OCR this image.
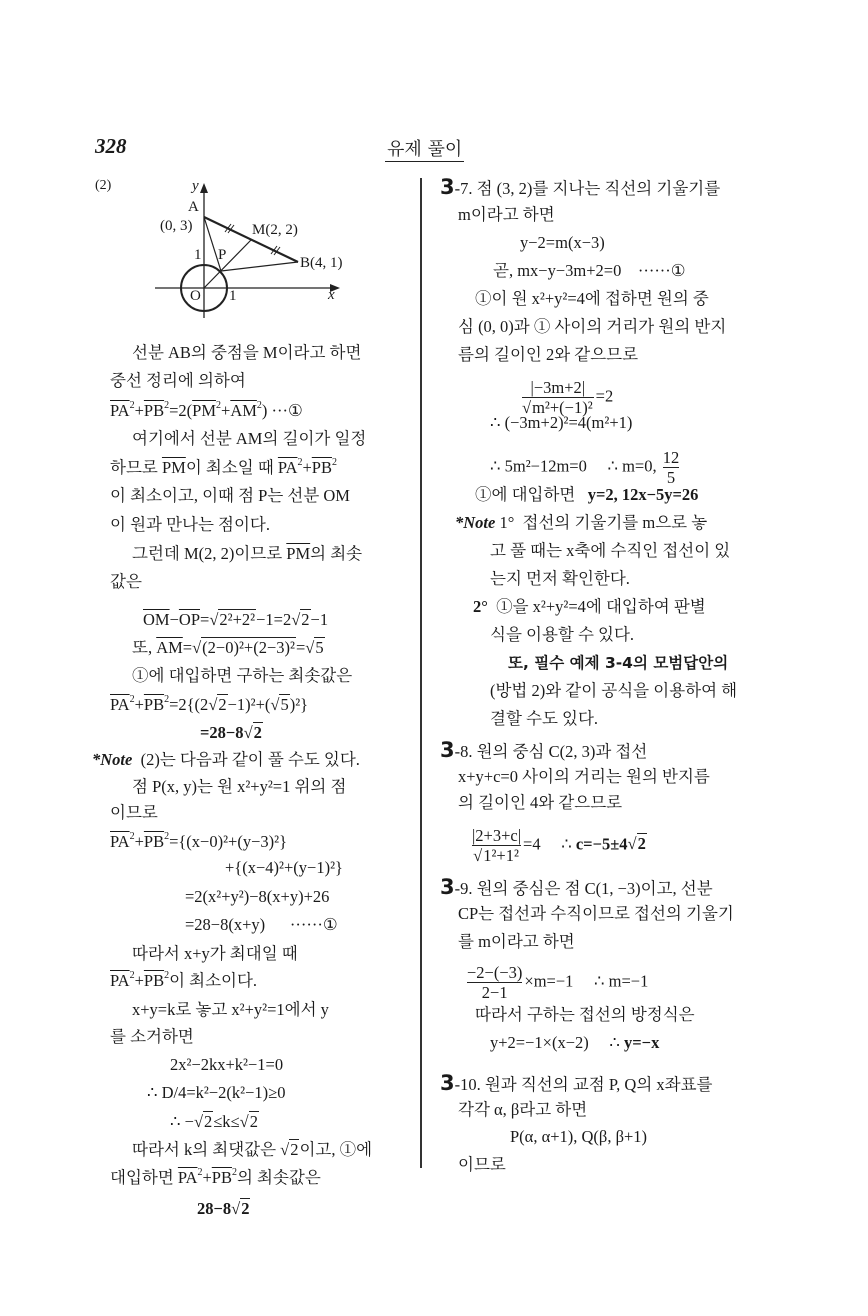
328	유제 풀이
(2)	y
A
(0, 3)	M(2, 2)
1 P	B(4, 1)
O 1	x
선분 AB의 중점을 M이라고 하면
중선 정리에 의하여
$\overline{PA}^2+\overline{PB}^2=2(\overline{PM}^2+\overline{AM}^2)$ ···①
여기에서 선분 AM의 길이가 일정
하므로 $\overline{PM}$이 최소일 때 $\overline{PA}^2+\overline{PB}^2$
이 최소이고, 이때 점 P는 선분 OM
이 원과 만나는 점이다.
그런데 M(2, 2)이므로 $\overline{PM}$의 최솟
값은
$\overline{OM}-\overline{OP}=√2^2+2^2-1=2√2-1$
또, $\overline{AM}=√(2-0)^2+(2-3)^2=√5$
①에 대입하면 구하는 최솟값은
$\overline{PA}^2+\overline{PB}^2=2\{(2√2-1)^2+(√5)^2\}$
=28−8√2
*Note  (2)는 다음과 같이 풀 수도 있다.
점 P(x, y)는 원 x²+y²=1 위의 점
이므로
$\overline{PA}^2+\overline{PB}^2=\{(x-0)^2+(y-3)^2\}$
+{(x−4)²+(y−1)²}
=2(x²+y²)−8(x+y)+26
=28−8(x+y)      ······①
따라서 x+y가 최대일 때
$\overline{PA}^2+\overline{PB}^2$이 최소이다.
x+y=k로 놓고 x²+y²=1에서 y
를 소거하면
2x²−2kx+k²−1=0
∴ D/4=k²−2(k²−1)≥0
∴ −√2≤k≤√2
따라서 k의 최댓값은 √2이고, ①에
대입하면 $\overline{PA}^2+\overline{PB}^2$의 최솟값은
28−8√2
3-7. 점 (3, 2)를 지나는 직선의 기울기를
m이라고 하면
y−2=m(x−3)
곧, mx−y−3m+2=0    ······①
①이 원 x²+y²=4에 접하면 원의 중
심 (0, 0)과 ① 사이의 거리가 원의 반지
름의 길이인 2와 같으므로
$\frac{|-3m+2|}{\text{√m²+(−1)²}} =2$
∴ (−3m+2)²=4(m²+1)
∴ 5m²−12m=0     ∴ m=0, $\frac{12}{5}$
①에 대입하면   y=2, 12x−5y=26
*Note 1°  접선의 기울기를 m으로 놓
고 풀 때는 x축에 수직인 접선이 있
는지 먼저 확인한다.
2°  ①을 x²+y²=4에 대입하여 판별
식을 이용할 수 있다.
또, 필수 예제 3-4의 모범답안의
(방법 2)와 같이 공식을 이용하여 해
결할 수도 있다.
3-8. 원의 중심 C(2, 3)과 접선
x+y+c=0 사이의 거리는 원의 반지름
의 길이인 4와 같으므로
$\frac{|2+3+c|}{\text{√1²+1²}} =4$     ∴ c=−5±4√2
3-9. 원의 중심은 점 C(1, −3)이고, 선분
CP는 접선과 수직이므로 접선의 기울기
를 m이라고 하면
$\frac{-2-(-3)}{2-1} \times m=-1$     ∴ m=−1
따라서 구하는 접선의 방정식은
y+2=−1×(x−2)     ∴ y=−x
3-10. 원과 직선의 교점 P, Q의 x좌표를
각각 α, β라고 하면
P(α, α+1), Q(β, β+1)
이므로
